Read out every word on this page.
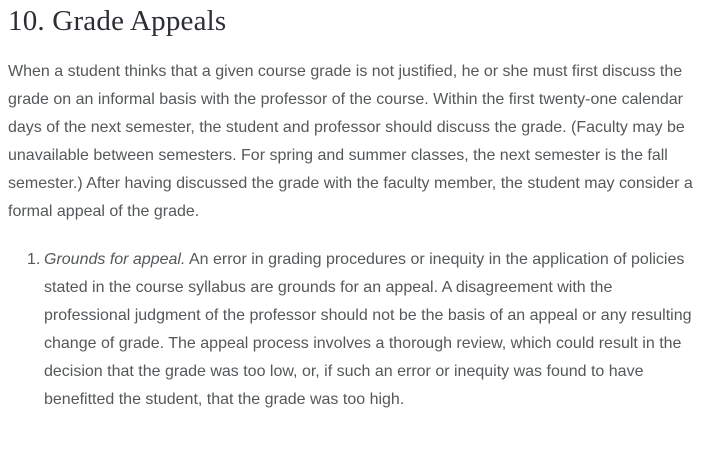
10. Grade Appeals

When a student thinks that a given course grade is not justified, he or she must first discuss the grade on an informal basis with the professor of the course. Within the first twenty-one calendar days of the next semester, the student and professor should discuss the grade. (Faculty may be unavailable between semesters. For spring and summer classes, the next semester is the fall semester.) After having discussed the grade with the faculty member, the student may consider a formal appeal of the grade.

1. Grounds for appeal. An error in grading procedures or inequity in the application of policies stated in the course syllabus are grounds for an appeal. A disagreement with the professional judgment of the professor should not be the basis of an appeal or any resulting change of grade. The appeal process involves a thorough review, which could result in the decision that the grade was too low, or, if such an error or inequity was found to have benefitted the student, that the grade was too high.
